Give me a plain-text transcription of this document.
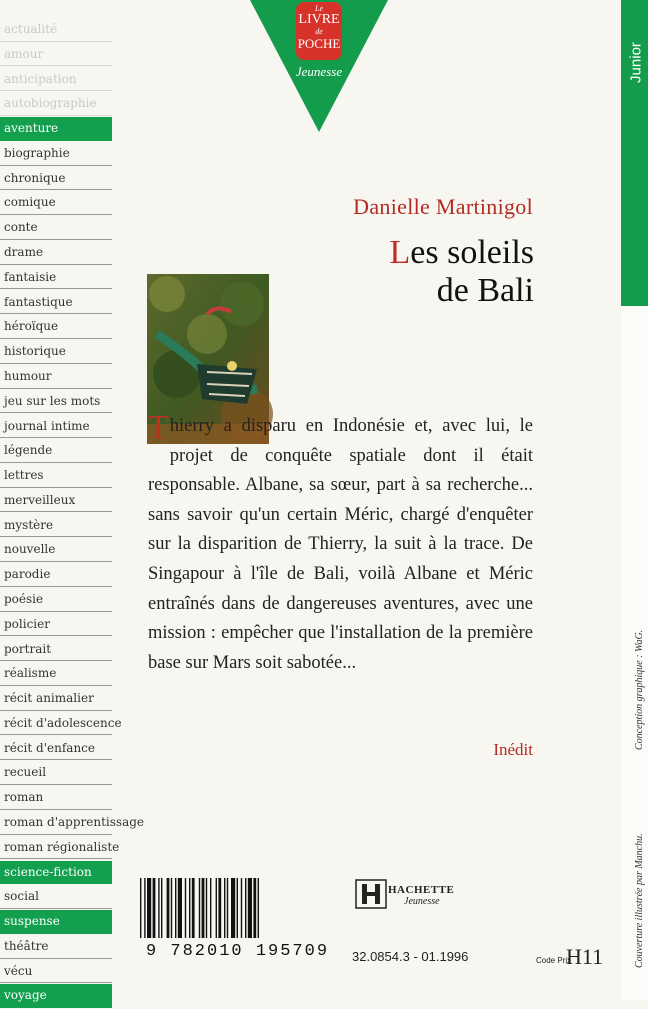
actualité
amour
anticipation
autobiographie
aventure
biographie
chronique
comique
conte
drame
fantaisie
fantastique
héroïque
historique
humour
jeu sur les mots
journal intime
légende
lettres
merveilleux
mystère
nouvelle
parodie
poésie
policier
portrait
réalisme
récit animalier
récit d'adolescence
récit d'enfance
recueil
roman
roman d'apprentissage
roman régionaliste
science-fiction
social
suspense
théâtre
vécu
voyage
Le
LIVRE
de
POCHE
Jeunesse	Junior
Conception graphique : WaG.
Couverture illustrée par Manchu.
Danielle Martinigol
Les soleils
de Bali
Thierry a disparu en Indonésie et, avec lui, le projet de conquête spatiale dont il était responsable. Albane, sa sœur, part à sa recherche... sans savoir qu'un certain Méric, chargé d'enquêter sur la disparition de Thierry, la suit à la trace. De Singapour à l'île de Bali, voilà Albane et Méric entraînés dans de dangereuses aventures, avec une mission : empêcher que l'installation de la première base sur Mars soit sabotée...
Inédit
9 782010 195709
HACHETTE
Jeunesse
32.0854.3 - 01.1996	Code Prix
H11
